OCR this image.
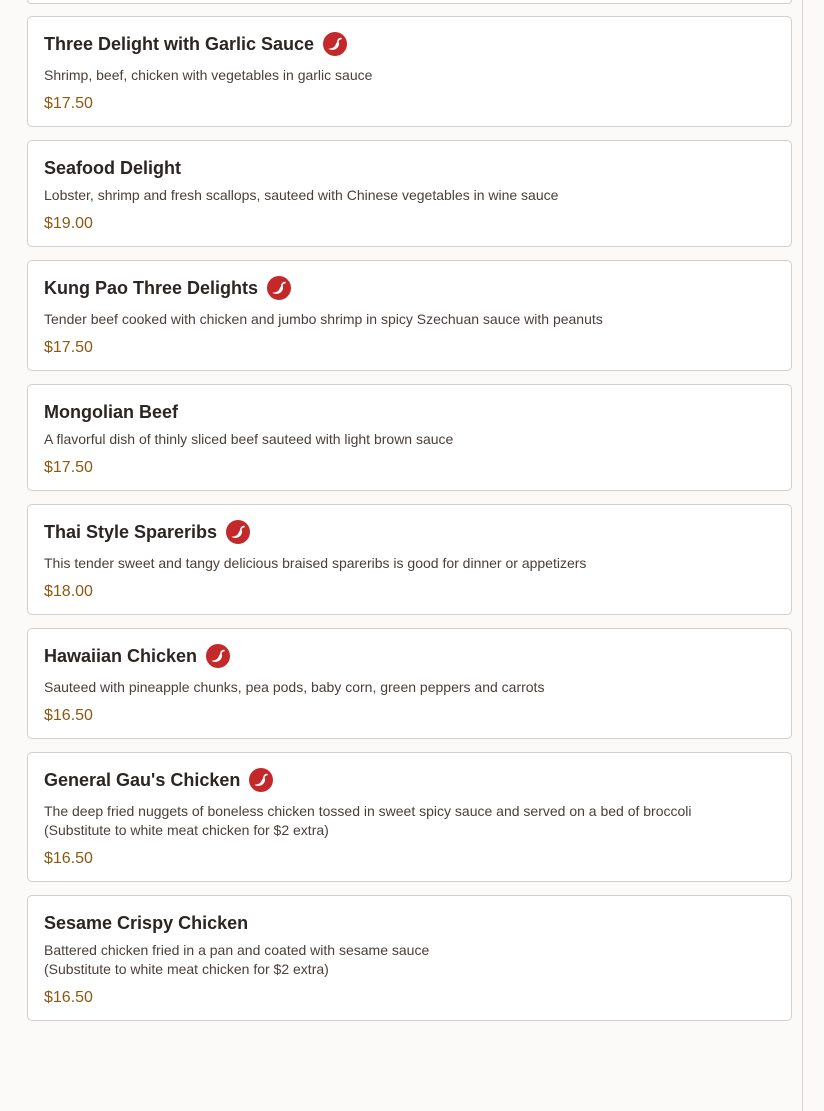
Three Delight with Garlic Sauce
Shrimp, beef, chicken with vegetables in garlic sauce
$17.50
Seafood Delight
Lobster, shrimp and fresh scallops, sauteed with Chinese vegetables in wine sauce
$19.00
Kung Pao Three Delights
Tender beef cooked with chicken and jumbo shrimp in spicy Szechuan sauce with peanuts
$17.50
Mongolian Beef
A flavorful dish of thinly sliced beef sauteed with light brown sauce
$17.50
Thai Style Spareribs
This tender sweet and tangy delicious braised spareribs is good for dinner or appetizers
$18.00
Hawaiian Chicken
Sauteed with pineapple chunks, pea pods, baby corn, green peppers and carrots
$16.50
General Gau's Chicken
The deep fried nuggets of boneless chicken tossed in sweet spicy sauce and served on a bed of broccoli
(Substitute to white meat chicken for $2 extra)
$16.50
Sesame Crispy Chicken
Battered chicken fried in a pan and coated with sesame sauce
(Substitute to white meat chicken for $2 extra)
$16.50
